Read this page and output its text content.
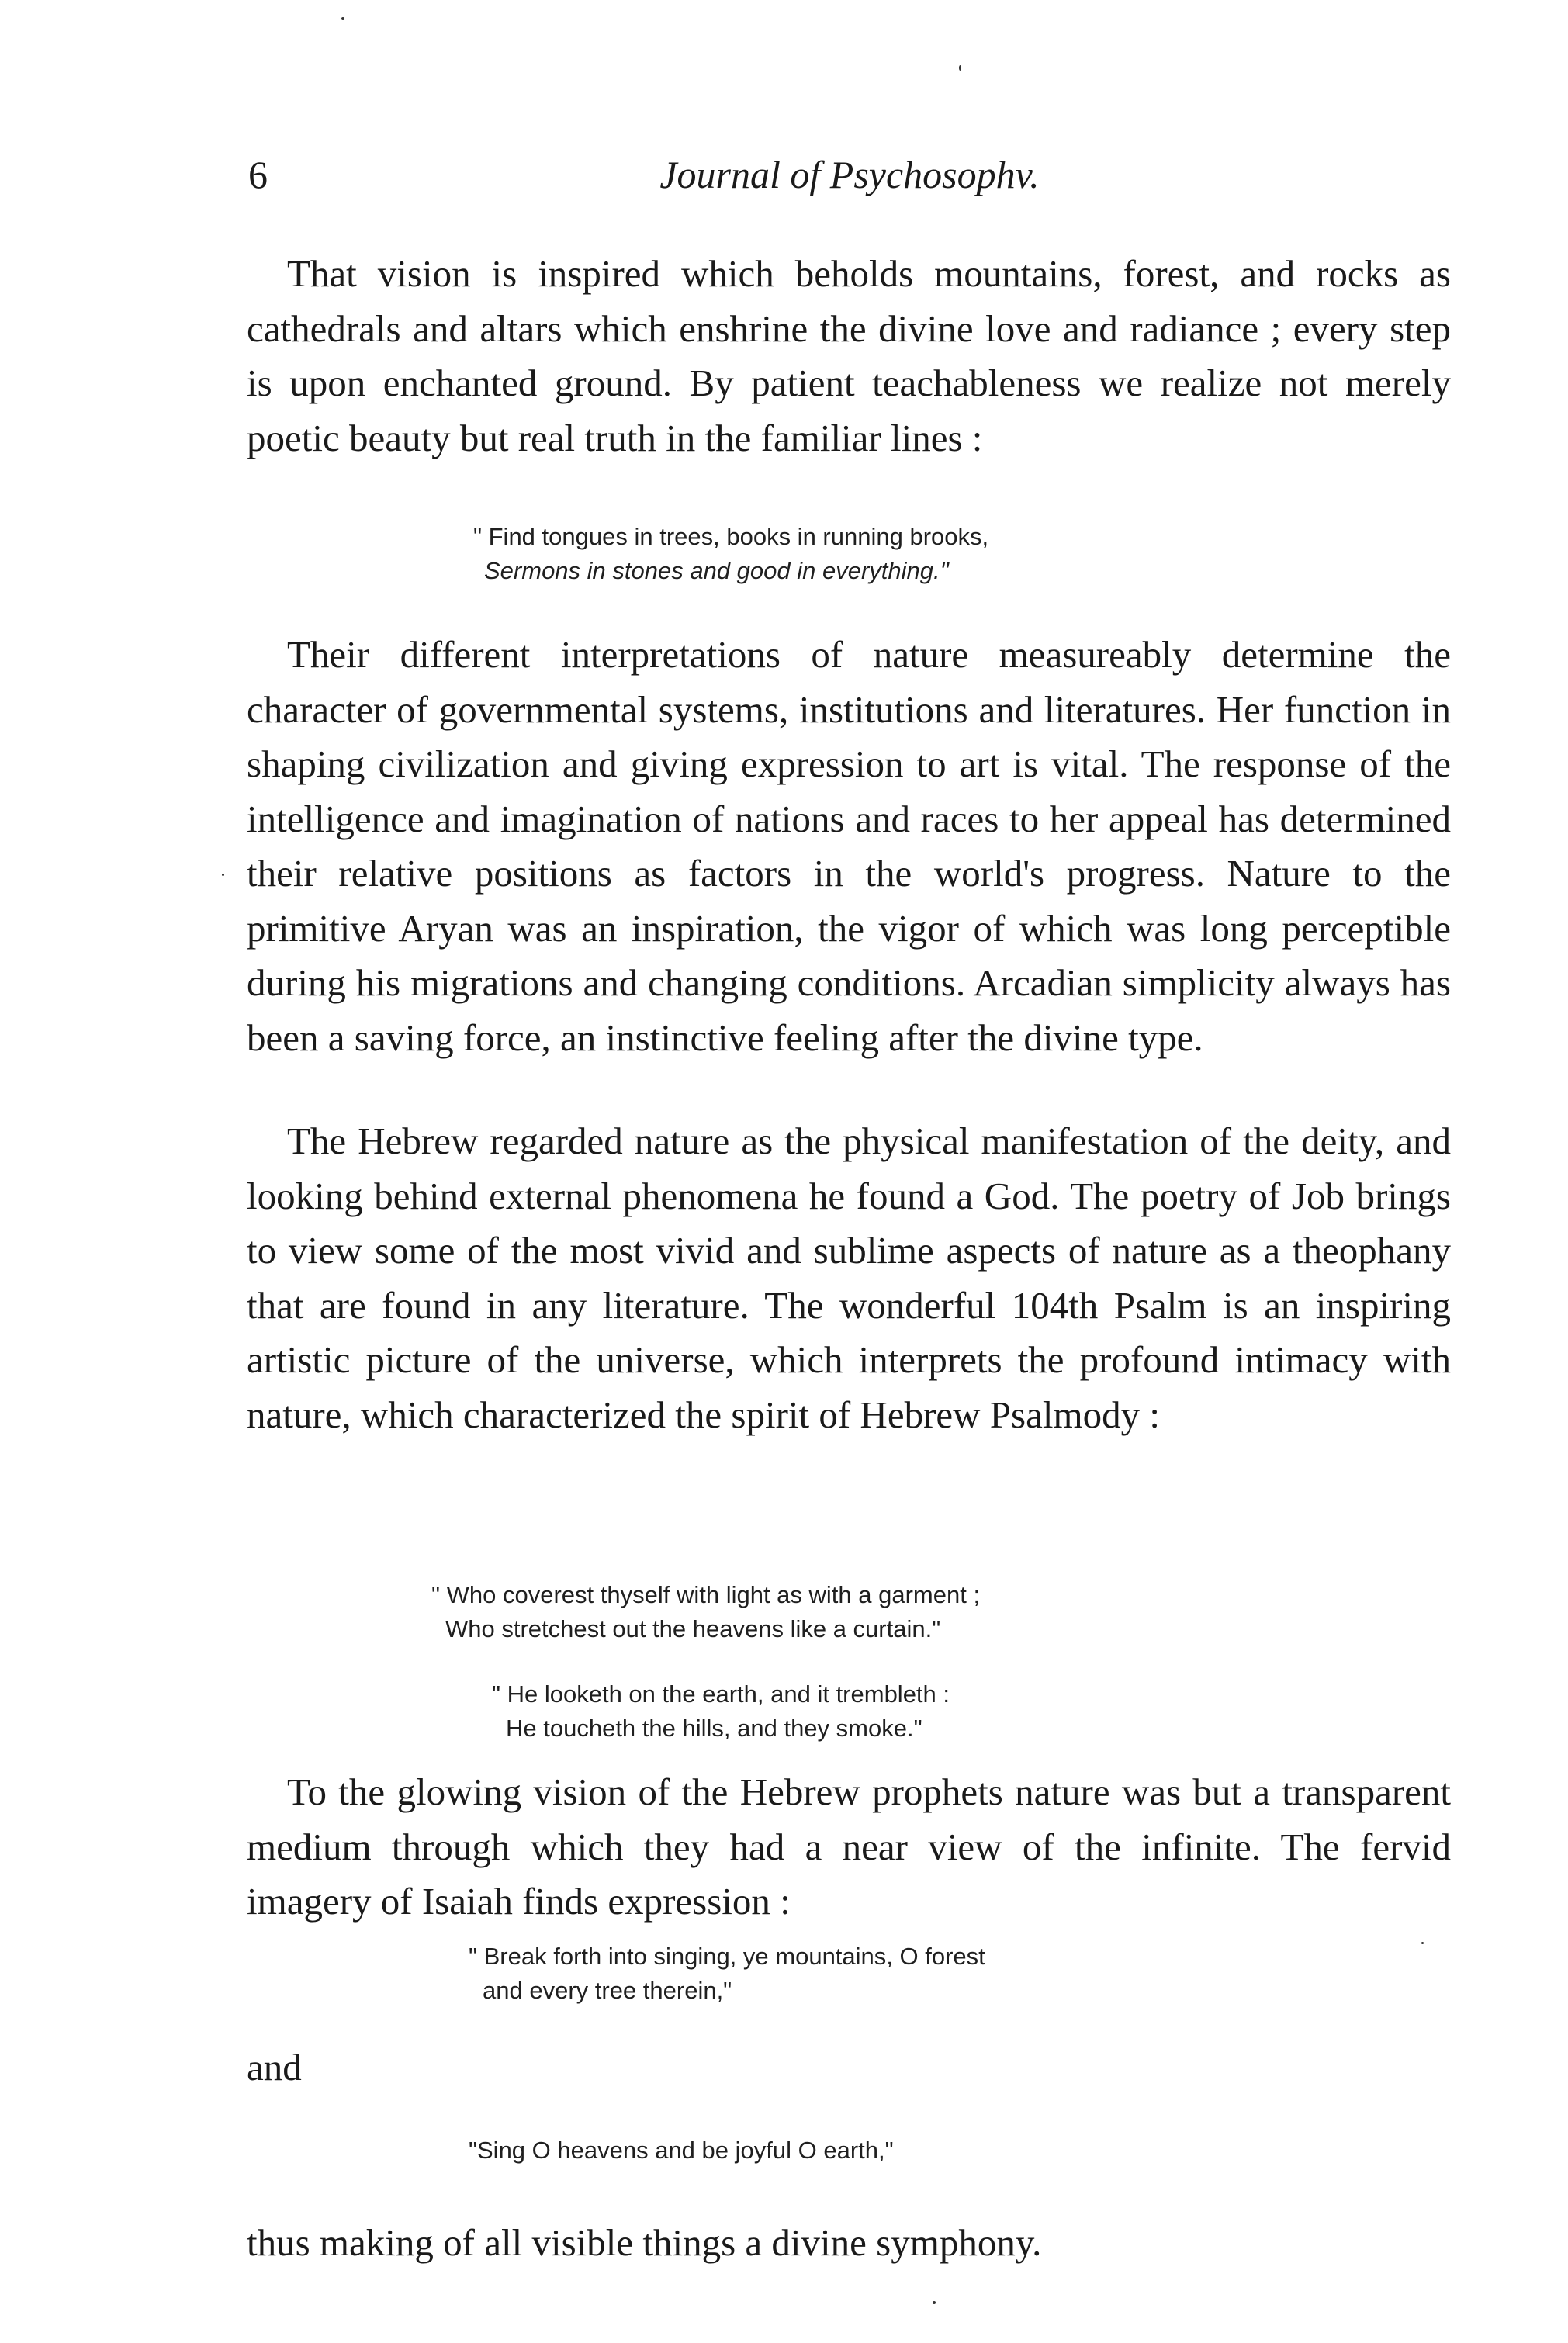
6	Journal of Psychosophv.

That vision is inspired which beholds mountains, forest, and rocks as cathedrals and altars which enshrine the divine love and radiance ; every step is upon enchanted ground. By patient teachableness we realize not merely poetic beauty but real truth in the familiar lines :

" Find tongues in trees, books in running brooks,
Sermons in stones and good in everything."

Their different interpretations of nature measureably determine the character of governmental systems, institutions and literatures. Her function in shaping civilization and giving expression to art is vital. The response of the intelligence and imagination of nations and races to her appeal has determined their relative positions as factors in the world's progress. Nature to the primitive Aryan was an inspiration, the vigor of which was long perceptible during his migrations and changing conditions. Arcadian simplicity always has been a saving force, an instinctive feeling after the divine type.

The Hebrew regarded nature as the physical manifestation of the deity, and looking behind external phenomena he found a God. The poetry of Job brings to view some of the most vivid and sublime aspects of nature as a theophany that are found in any literature. The wonderful 104th Psalm is an inspiring artistic picture of the universe, which interprets the profound intimacy with nature, which characterized the spirit of Hebrew Psalmody :

" Who coverest thyself with light as with a garment ;
Who stretchest out the heavens like a curtain."
" He looketh on the earth, and it trembleth :
He toucheth the hills, and they smoke."

To the glowing vision of the Hebrew prophets nature was but a transparent medium through which they had a near view of the infinite. The fervid imagery of Isaiah finds expression :

" Break forth into singing, ye mountains, O forest
and every tree therein,"
and
"Sing O heavens and be joyful O earth,"
thus making of all visible things a divine symphony.
